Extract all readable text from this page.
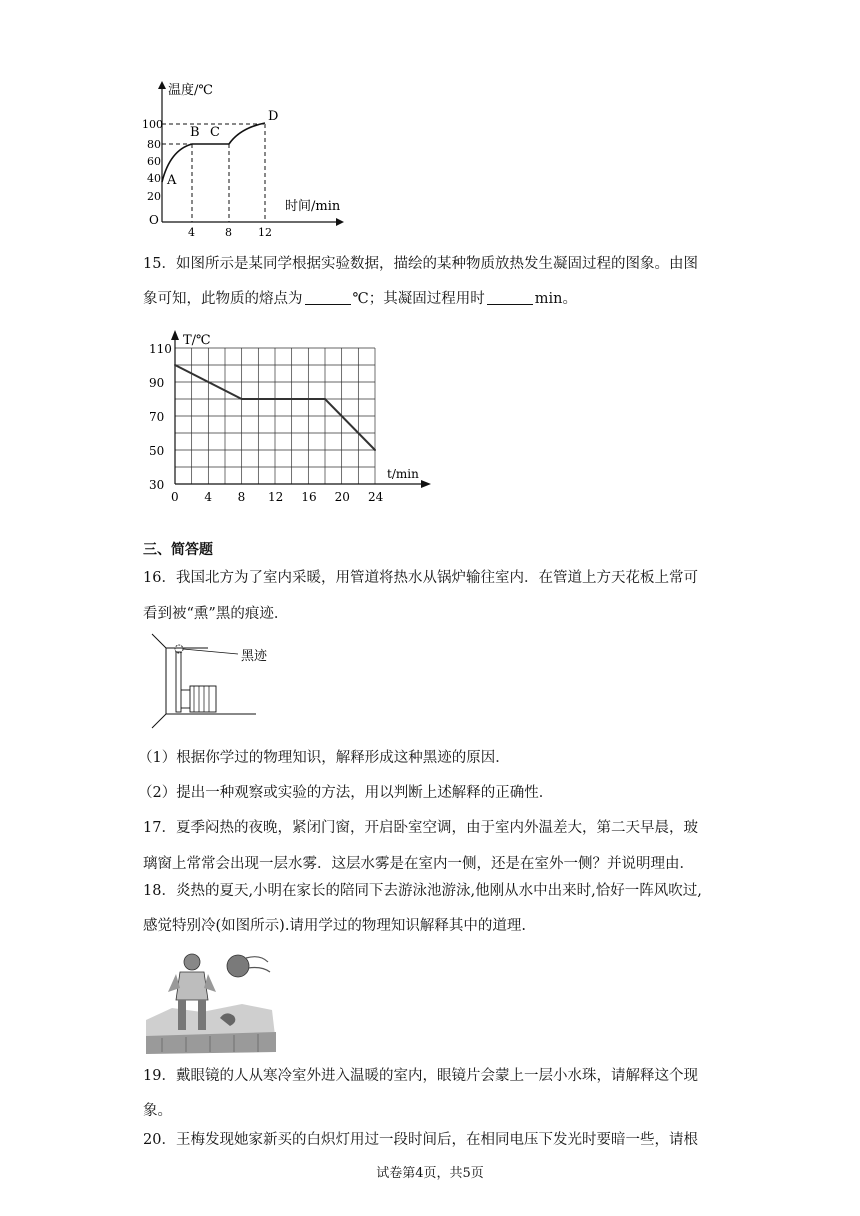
温度/℃
时间/min
100
80
60
40
20
O
4	8 12
A
B C
D
15．如图所示是某同学根据实验数据，描绘的某种物质放热发生凝固过程的图象。由图
象可知，此物质的熔点为	℃；其凝固过程用时	min。
30
50
70
90
110
0 4 8 12 16 20 24
T/℃
t/min
三、简答题
16．我国北方为了室内采暖，用管道将热水从锅炉输往室内．在管道上方天花板上常可
看到被“熏”黑的痕迹．
黑迹
（1）根据你学过的物理知识，解释形成这种黑迹的原因．
（2）提出一种观察或实验的方法，用以判断上述解释的正确性．
17．夏季闷热的夜晚，紧闭门窗，开启卧室空调，由于室内外温差大，第二天早晨，玻
璃窗上常常会出现一层水雾．这层水雾是在室内一侧，还是在室外一侧？并说明理由．
18．炎热的夏天,小明在家长的陪同下去游泳池游泳,他刚从水中出来时,恰好一阵风吹过,
感觉特别冷(如图所示).请用学过的物理知识解释其中的道理.
19．戴眼镜的人从寒冷室外进入温暖的室内，眼镜片会蒙上一层小水珠，请解释这个现
象。
20．王梅发现她家新买的白炽灯用过一段时间后，在相同电压下发光时要暗一些，请根
试卷第4页，共5页
